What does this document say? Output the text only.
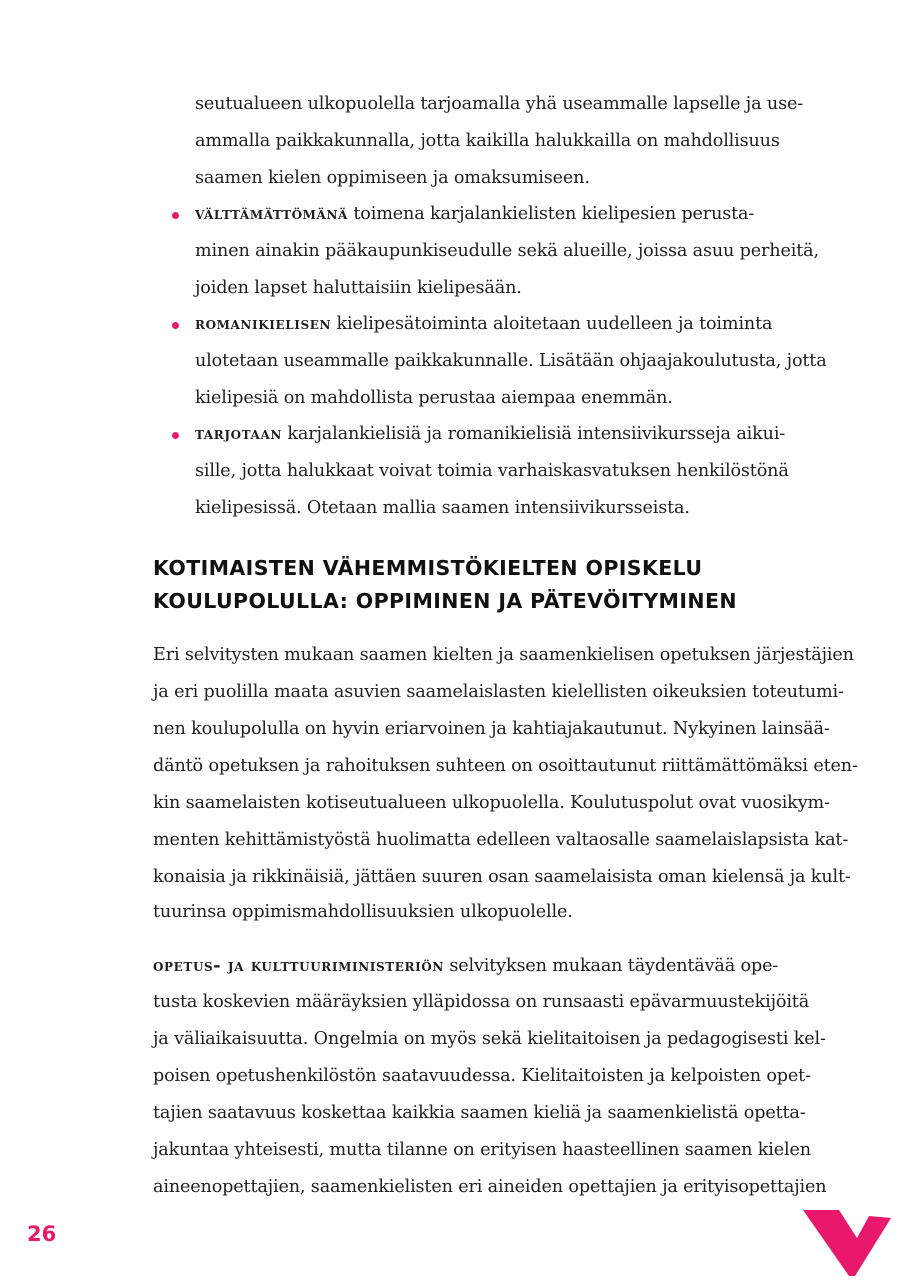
seutualueen ulkopuolella tarjoamalla yhä useammalle lapselle ja use-
ammalla paikkakunnalla, jotta kaikilla halukkailla on mahdollisuus
saamen kielen oppimiseen ja omaksumiseen.
välttämättömänä toimena karjalankielisten kielipesien perusta-
minen ainakin pääkaupunkiseudulle sekä alueille, joissa asuu perheitä,
joiden lapset haluttaisiin kielipesään.
romanikielisen kielipesätoiminta aloitetaan uudelleen ja toiminta
ulotetaan useammalle paikkakunnalle. Lisätään ohjaajakoulutusta, jotta
kielipesiä on mahdollista perustaa aiempaa enemmän.
tarjotaan karjalankielisiä ja romanikielisiä intensiivikursseja aikui-
sille, jotta halukkaat voivat toimia varhaiskasvatuksen henkilöstönä
kielipesissä. Otetaan mallia saamen intensiivikursseista.
KOTIMAISTEN VÄHEMMISTÖKIELTEN OPISKELU
KOULUPOLULLA: OPPIMINEN JA PÄTEVÖITYMINEN
Eri selvitysten mukaan saamen kielten ja saamenkielisen opetuksen järjestäjien
ja eri puolilla maata asuvien saamelaislasten kielellisten oikeuksien toteutumi-
nen koulupolulla on hyvin eriarvoinen ja kahtiajakautunut. Nykyinen lainsää-
däntö opetuksen ja rahoituksen suhteen on osoittautunut riittämättömäksi eten-
kin saamelaisten kotiseutualueen ulkopuolella. Koulutuspolut ovat vuosikym-
menten kehittämistyöstä huolimatta edelleen valtaosalle saamelaislapsista kat-
konaisia ja rikkinäisiä, jättäen suuren osan saamelaisista oman kielensä ja kult-
tuurinsa oppimismahdollisuuksien ulkopuolelle.
opetus- ja kulttuuriministeriön selvityksen mukaan täydentävää ope-
tusta koskevien määräyksien ylläpidossa on runsaasti epävarmuustekijöitä
ja väliaikaisuutta. Ongelmia on myös sekä kielitaitoisen ja pedagogisesti kel-
poisen opetushenkilöstön saatavuudessa. Kielitaitoisten ja kelpoisten opet-
tajien saatavuus koskettaa kaikkia saamen kieliä ja saamenkielistä opetta-
jakuntaa yhteisesti, mutta tilanne on erityisen haasteellinen saamen kielen
aineenopettajien, saamenkielisten eri aineiden opettajien ja erityisopettajien
26
